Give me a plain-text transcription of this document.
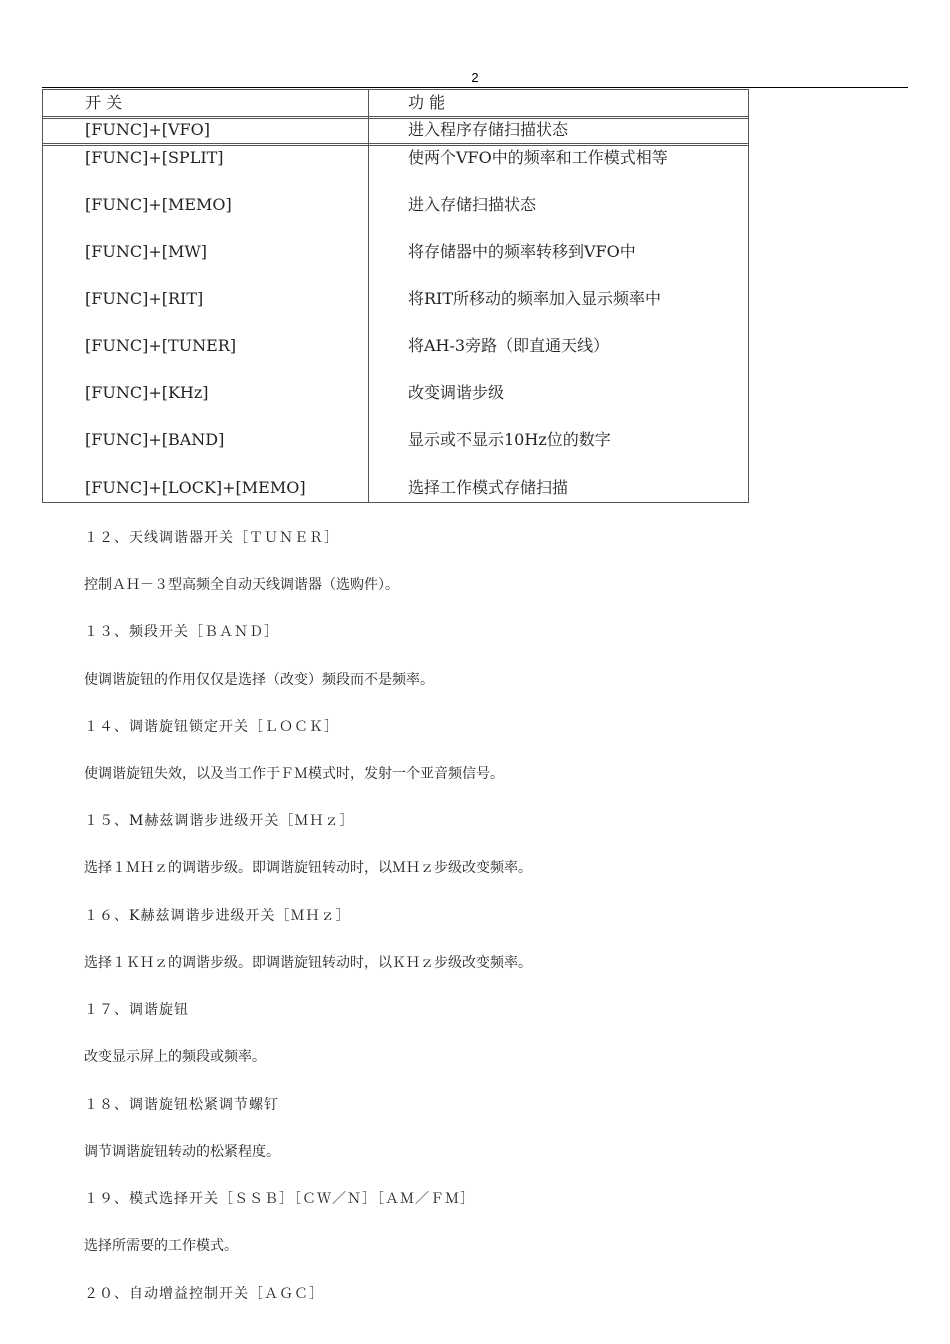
2
开 关	功 能
[FUNC]+[VFO]	进入程序存储扫描状态
[FUNC]+[SPLIT]	使两个VFO中的频率和工作模式相等
[FUNC]+[MEMO]	进入存储扫描状态
[FUNC]+[MW]	将存储器中的频率转移到VFO中
[FUNC]+[RIT]	将RIT所移动的频率加入显示频率中
[FUNC]+[TUNER]	将AH-3旁路（即直通天线）
[FUNC]+[KHz]	改变调谐步级
[FUNC]+[BAND]	显示或不显示10Hz位的数字
[FUNC]+[LOCK]+[MEMO]	选择工作模式存储扫描
１２、天线调谐器开关［ＴＵＮＥＲ］
控制ＡＨ－３型高频全自动天线调谐器（选购件）。
１３、频段开关［ＢＡＮＤ］
使调谐旋钮的作用仅仅是选择（改变）频段而不是频率。
１４、调谐旋钮锁定开关［ＬＯＣＫ］
使调谐旋钮失效，以及当工作于ＦＭ模式时，发射一个亚音频信号。
１５、M赫兹调谐步进级开关［ＭＨｚ］
选择１ＭＨｚ的调谐步级。即调谐旋钮转动时，以ＭＨｚ步级改变频率。
１６、K赫兹调谐步进级开关［ＭＨｚ］
选择１ＫＨｚ的调谐步级。即调谐旋钮转动时，以ＫＨｚ步级改变频率。
１７、调谐旋钮
改变显示屏上的频段或频率。
１８、调谐旋钮松紧调节螺钉
调节调谐旋钮转动的松紧程度。
１９、模式选择开关［ＳＳＢ］［ＣＷ／Ｎ］［ＡＭ／ＦＭ］
选择所需要的工作模式。
２０、自动增益控制开关［ＡＧＣ］
